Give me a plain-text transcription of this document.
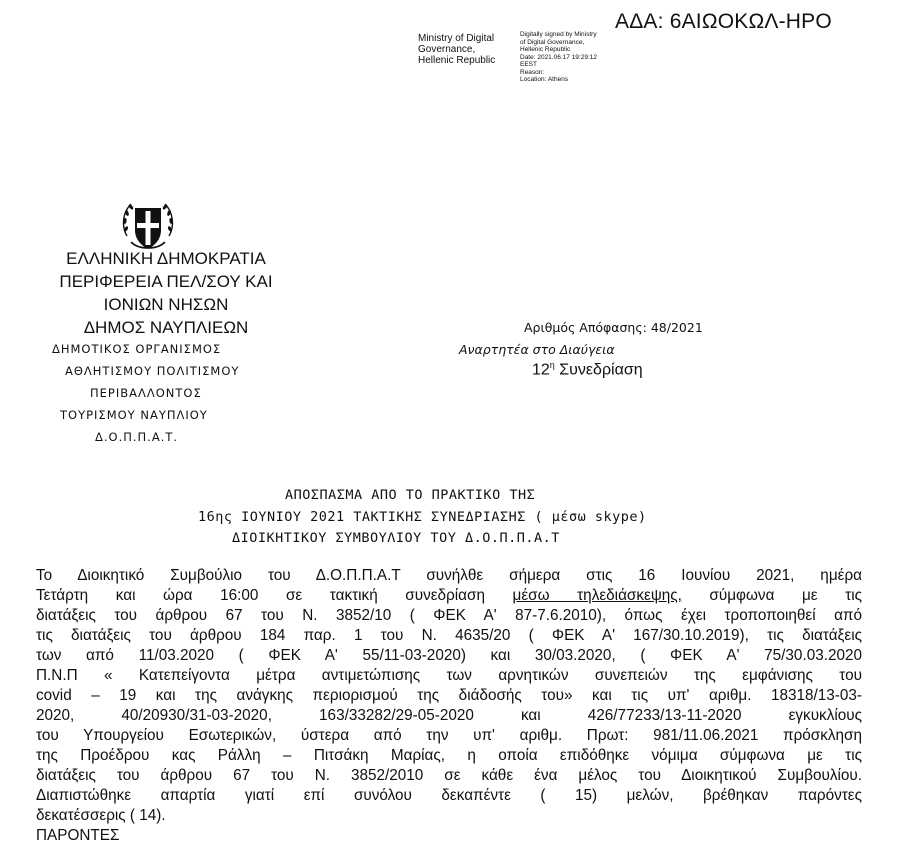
ΑΔΑ: 6ΑΙΩΟΚΩΛ-ΗΡΟ
Ministry of Digital
Governance,
Hellenic Republic
Digitally signed by Ministry
of Digital Governance,
Hellenic Republic
Date: 2021.06.17 19:29:12
EEST
Reason:
Location: Athens
ΕΛΛΗΝΙΚΗ ΔΗΜΟΚΡΑΤΙΑ
ΠΕΡΙΦΕΡΕΙΑ ΠΕΛ/ΣΟΥ ΚΑΙ
ΙΟΝΙΩΝ ΝΗΣΩΝ
ΔΗΜΟΣ ΝΑΥΠΛΙΕΩΝ
ΔΗΜΟΤΙΚΟΣ ΟΡΓΑΝΙΣΜΟΣ
ΑΘΛΗΤΙΣΜΟΥ ΠΟΛΙΤΙΣΜΟΥ
ΠΕΡΙΒΑΛΛΟΝΤΟΣ
ΤΟΥΡΙΣΜΟΥ ΝΑΥΠΛΙΟΥ
Δ.Ο.Π.Π.Α.Τ.
Αριθμός Απόφασης: 48/2021
Αναρτητέα στο Διαύγεια
$12^\eta$ Συνεδρίαση
ΑΠΟΣΠΑΣΜΑ ΑΠΟ ΤΟ ΠΡΑΚΤΙΚΟ ΤΗΣ
16ης ΙΟΥΝΙΟΥ 2021 ΤΑΚΤΙΚΗΣ ΣΥΝΕΔΡΙΑΣΗΣ ( μέσω skype)
ΔΙΟΙΚΗΤΙΚΟΥ ΣΥΜΒΟΥΛΙΟΥ ΤΟΥ Δ.Ο.Π.Π.Α.Τ
Το Διοικητικό Συμβούλιο του Δ.Ο.Π.Π.Α.Τ συνήλθε σήμερα στις 16 Ιουνίου 2021, ημέρα
Τετάρτη και ώρα 16:00 σε τακτική συνεδρίαση μέσω τηλεδιάσκεψης, σύμφωνα με τις
διατάξεις του άρθρου 67 του Ν. 3852/10 ( ΦΕΚ Α' 87-7.6.2010), όπως έχει τροποποιηθεί από
τις διατάξεις του άρθρου 184 παρ. 1 του Ν. 4635/20 ( ΦΕΚ Α' 167/30.10.2019), τις διατάξεις
των από 11/03.2020 ( ΦΕΚ Α' 55/11-03-2020) και 30/03.2020, ( ΦΕΚ Α' 75/30.03.2020
Π.Ν.Π « Κατεπείγοντα μέτρα αντιμετώπισης των αρνητικών συνεπειών της εμφάνισης του
covid – 19 και της ανάγκης περιορισμού της διάδοσής του» και τις υπ' αριθμ. 18318/13-03-
2020, 40/20930/31-03-2020, 163/33282/29-05-2020 και 426/77233/13-11-2020 εγκυκλίους
του Υπουργείου Εσωτερικών, ύστερα από την υπ' αριθμ. Πρωτ: 981/11.06.2021 πρόσκληση
της Προέδρου κας Ράλλη – Πιτσάκη Μαρίας, η οποία επιδόθηκε νόμιμα σύμφωνα με τις
διατάξεις του άρθρου 67 του Ν. 3852/2010 σε κάθε ένα μέλος του Διοικητικού Συμβουλίου.
Διαπιστώθηκε απαρτία γιατί επί συνόλου δεκαπέντε ( 15) μελών, βρέθηκαν παρόντες
δεκατέσσερις ( 14).
ΠΑΡΟΝΤΕΣ
